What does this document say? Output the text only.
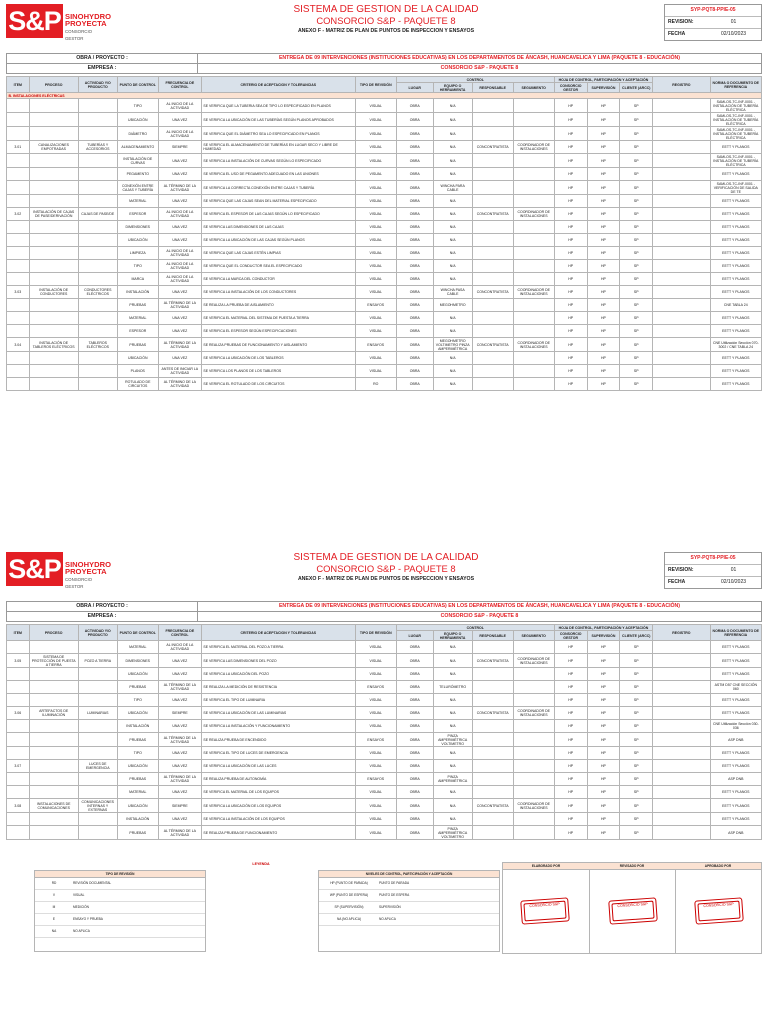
S&P SINOHYDRO
PROYECTA
CONSORCIO GESTOR
SISTEMA DE GESTION DE LA CALIDAD
CONSORCIO S&P - PAQUETE 8
ANEXO F - MATRIZ DE PLAN DE PUNTOS DE INSPECCION Y ENSAYOS
SYP-PQT8-PPIE-05
REVISION:	01
FECHA	02/10/2023
OBRA / PROYECTO :	ENTREGA DE 09 INTERVENCIONES (INSTITUCIONES EDUCATIVAS) EN LOS DEPARTAMENTOS DE ÁNCASH, HUANCAVELICA Y LIMA (PAQUETE 8 - EDUCACIÓN)
EMPRESA :	CONSORCIO S&P - PAQUETE 8
ITEM	PROCESO	ACTIVIDAD Y/O PRODUCTO	PUNTO DE CONTROL	FRECUENCIA DE CONTROL	CRITERIO DE ACEPTACION Y TOLERANCIAS	TIPO DE REVISIÓN	CONTROL				HOJA DE CONTROL, PARTICIPACIÓN Y ACEPTACIÓN			REGISTRO	NORMA O DOCUMENTO DE REFERENCIA
							LUGAR	EQUIPO O HERRAMIENTA	RESPONSABLE	SEGUIMIENTO	CONSORCIO GESTOR	SUPERVISIÓN	CLIENTE (ARCC)		
B. INSTALACIONES ELÉCTRICAS															
			TIPO	AL INICIO DE LA ACTIVIDAD	SE VERIFICA QUE LA TUBERIA SEA DE TIPO LO ESPECIFICADO EN PLANOS	VISUAL	OBRA	N/A			HP	HP	SP		SAMLOS-TC-INF-0001 - INSTALACIÓN DE TUBERÍA ELÉCTRICA
			UBICACIÓN	UNA VEZ	SE VERIFICA LA UBICACIÓN DE LAS TUBERÍAS SEGÚN PLANOS APROBADOS	VISUAL	OBRA	N/A			HP	HP	SP		SAMLOS-TC-INF-0001 - INSTALACIÓN DE TUBERÍA ELÉCTRICA
			DIÁMETRO	AL INICIO DE LA ACTIVIDAD	SE VERIFICA QUE EL DIÁMETRO SEA LO ESPECIFICADO EN PLANOS	VISUAL	OBRA	N/A			HP	HP	SP		SAMLOS-TC-INF-0001 - INSTALACIÓN DE TUBERÍA ELÉCTRICA
3.01	CANALIZACIONES EMPOTRADAS	TUBERÍAS Y ACCESORIOS	ALMACENAMIENTO	SIEMPRE	SE VERIFICA EL ALMACENAMIENTO DE TUBERÍAS EN LUGAR SECO Y LIBRE DE HUMEDAD	VISUAL	OBRA	N/A	CONCONTRATISTA	COORDINADOR DE INSTALACIONES	HP	HP	SP		EETT Y PLANOS
			INSTALACIÓN DE CURVAS	UNA VEZ	SE VERIFICA LA INSTALACIÓN DE CURVAS SEGÚN LO ESPECIFICADO	VISUAL	OBRA	N/A			HP	HP	SP		SAMLOS-TC-INF-0001 - INSTALACIÓN DE TUBERÍA ELÉCTRICA
			PEGAMENTO	UNA VEZ	SE VERIFICA EL USO DE PEGAMENTO ADECUADO EN LAS UNIONES	VISUAL	OBRA	N/A			HP	HP	SP		EETT Y PLANOS
			CONEXIÓN ENTRE CAJAS Y TUBERÍA	AL TÉRMINO DE LA ACTIVIDAD	SE VERIFICA LA CORRECTA CONEXIÓN ENTRE CAJAS Y TUBERÍA	VISUAL	OBRA	WINCHA PARA CABLE			HP	HP	SP		SAMLOS-TC-INF-0001 - VERIFICACIÓN DE SALIDA DE TE
			MATERIAL	UNA VEZ	SE VERIFICA QUE LAS CAJAS SEAN DEL MATERIAL ESPECIFICADO	VISUAL	OBRA	N/A			HP	HP	SP		EETT Y PLANOS
3.02	INSTALACIÓN DE CAJAS DE PASE/DERIVACIÓN	CAJAS DE PASE/DE	ESPESOR	AL INICIO DE LA ACTIVIDAD	SE VERIFICA EL ESPESOR DE LAS CAJAS SEGÚN LO ESPECIFICADO	VISUAL	OBRA	N/A	CONCONTRATISTA	COORDINADOR DE INSTALACIONES	HP	HP	SP		EETT Y PLANOS
			DIMENSIONES	UNA VEZ	SE VERIFICA LAS DIMENSIONES DE LAS CAJAS	VISUAL	OBRA	N/A			HP	HP	SP		EETT Y PLANOS
			UBICACIÓN	UNA VEZ	SE VERIFICA LA UBICACIÓN DE LAS CAJAS SEGÚN PLANOS	VISUAL	OBRA	N/A			HP	HP	SP		EETT Y PLANOS
			LIMPIEZA	AL INICIO DE LA ACTIVIDAD	SE VERIFICA QUE LAS CAJAS ESTÉN LIMPIAS	VISUAL	OBRA	N/A			HP	HP	SP		EETT Y PLANOS
			TIPO	AL INICIO DE LA ACTIVIDAD	SE VERIFICA QUE EL CONDUCTOR SEA EL ESPECIFICADO	VISUAL	OBRA	N/A			HP	HP	SP		EETT Y PLANOS
			MARCA	AL INICIO DE LA ACTIVIDAD	SE VERIFICA LA MARCA DEL CONDUCTOR	VISUAL	OBRA	N/A			HP	HP	SP		EETT Y PLANOS
3.03	INSTALACIÓN DE CONDUCTORES	CONDUCTORES ELÉCTRICOS	INSTALACIÓN	UNA VEZ	SE VERIFICA LA INSTALACIÓN DE LOS CONDUCTORES	VISUAL	OBRA	WINCHA PASA CABLE	CONCONTRATISTA	COORDINADOR DE INSTALACIONES	HP	HP	SP		EETT Y PLANOS
			PRUEBAS	AL TÉRMINO DE LA ACTIVIDAD	SE REALIZA LA PRUEBA DE AISLAMIENTO	ENSAYOS	OBRA	MEGOHMETRO			HP	HP	SP		CNE TABLA 24
			MATERIAL	UNA VEZ	SE VERIFICA EL MATERIAL DEL SISTEMA DE PUESTA A TIERRA	VISUAL	OBRA	N/A			HP	HP	SP		EETT Y PLANOS
			ESPESOR	UNA VEZ	SE VERIFICA EL ESPESOR SEGÚN ESPECIFICACIONES	VISUAL	OBRA	N/A			HP	HP	SP		EETT Y PLANOS
3.04	INSTALACIÓN DE TABLEROS ELÉCTRICOS	TABLEROS ELÉCTRICOS	PRUEBAS	AL TÉRMINO DE LA ACTIVIDAD	SE REALIZA PRUEBAS DE FUNCIONAMIENTO Y AISLAMIENTO	ENSAYOS	OBRA	MEGOHMETRO VOLTIMETRO PINZA AMPERIMÉTRICA	CONCONTRATISTA	COORDINADOR DE INSTALACIONES	HP	HP	SP		CNE Utilización Sección 070-3002 / CNE TABLA 24
			UBICACIÓN	UNA VEZ	SE VERIFICA LA UBICACIÓN DE LOS TABLEROS	VISUAL	OBRA	N/A			HP	HP	SP		EETT Y PLANOS
			PLANOS	ANTES DE INICIAR LA ACTIVIDAD	SE VERIFICA LOS PLANOS DE LOS TABLEROS	VISUAL	OBRA	N/A			HP	HP	SP		EETT Y PLANOS
			ROTULADO DE CIRCUITOS	AL TÉRMINO DE LA ACTIVIDAD	SE VERIFICA EL ROTULADO DE LOS CIRCUITOS	RO	OBRA	N/A			HP	HP	SP		EETT Y PLANOS
S&P SINOHYDRO
PROYECTA
CONSORCIO GESTOR
SISTEMA DE GESTION DE LA CALIDAD
CONSORCIO S&P - PAQUETE 8
ANEXO F - MATRIZ DE PLAN DE PUNTOS DE INSPECCION Y ENSAYOS
SYP-PQT8-PPIE-05
REVISION:	01
FECHA	02/10/2023
OBRA / PROYECTO :	ENTREGA DE 09 INTERVENCIONES (INSTITUCIONES EDUCATIVAS) EN LOS DEPARTAMENTOS DE ÁNCASH, HUANCAVELICA Y LIMA (PAQUETE 8 - EDUCACIÓN)
EMPRESA :	CONSORCIO S&P - PAQUETE 8
ITEM	PROCESO	ACTIVIDAD Y/O PRODUCTO	PUNTO DE CONTROL	FRECUENCIA DE CONTROL	CRITERIO DE ACEPTACION Y TOLERANCIAS	TIPO DE REVISIÓN	CONTROL				HOJA DE CONTROL, PARTICIPACIÓN Y ACEPTACIÓN			REGISTRO	NORMA O DOCUMENTO DE REFERENCIA
							LUGAR	EQUIPO O HERRAMIENTA	RESPONSABLE	SEGUIMIENTO	CONSORCIO GESTOR	SUPERVISIÓN	CLIENTE (ARCC)		
			MATERIAL	AL INICIO DE LA ACTIVIDAD	SE VERIFICA EL MATERIAL DEL POZO A TIERRA	VISUAL	OBRA	N/A			HP	HP	SP		EETT Y PLANOS
3.05	SISTEMA DE PROTECCIÓN DE PUESTA A TIERRA	POZO A TIERRA	DIMENSIONES	UNA VEZ	SE VERIFICA LAS DIMENSIONES DEL POZO	VISUAL	OBRA	N/A	CONCONTRATISTA	COORDINADOR DE INSTALACIONES	HP	HP	SP		EETT Y PLANOS
			UBICACIÓN	UNA VEZ	SE VERIFICA LA UBICACIÓN DEL POZO	VISUAL	OBRA	N/A			HP	HP	SP		EETT Y PLANOS
			PRUEBAS	AL TÉRMINO DE LA ACTIVIDAD	SE REALIZA LA MEDICIÓN DE RESISTENCIA	ENSAYOS	OBRA	TELURÓMETRO			HP	HP	SP		ASTM D57 CNE SECCIÓN 060
			TIPO	UNA VEZ	SE VERIFICA EL TIPO DE LUMINARIA	VISUAL	OBRA	N/A			HP	HP	SP		EETT Y PLANOS
3.06	ARTEFACTOS DE ILUMINACIÓN	LUMINARIAS	UBICACIÓN	SIEMPRE	SE VERIFICA LA UBICACIÓN DE LAS LUMINARIAS	VISUAL	OBRA	N/A	CONCONTRATISTA	COORDINADOR DE INSTALACIONES	HP	HP	SP		EETT Y PLANOS
			INSTALACIÓN	UNA VEZ	SE VERIFICA LA INSTALACIÓN Y FUNCIONAMIENTO	VISUAL	OBRA	N/A			HP	HP	SP		CNE Utilización Sección 030-036
			PRUEBAS	AL TÉRMINO DE LA ACTIVIDAD	SE REALIZA PRUEBA DE ENCENDIDO	ENSAYOS	OBRA	PINZA AMPERIMÉTRICA VOLTIMETRO			HP	HP	SP		ASP DNB
			TIPO	UNA VEZ	SE VERIFICA EL TIPO DE LUCES DE EMERGENCIA	VISUAL	OBRA	N/A			HP	HP	SP		EETT Y PLANOS
3.07		LUCES DE EMERGENCIA	UBICACIÓN	UNA VEZ	SE VERIFICA LA UBICACIÓN DE LAS LUCES	VISUAL	OBRA	N/A			HP	HP	SP		EETT Y PLANOS
			PRUEBAS	AL TÉRMINO DE LA ACTIVIDAD	SE REALIZA PRUEBA DE AUTONOMÍA	ENSAYOS	OBRA	PINZA AMPERIMÉTRICA			HP	HP	SP		ASP DNB
			MATERIAL	UNA VEZ	SE VERIFICA EL MATERIAL DE LOS EQUIPOS	VISUAL	OBRA	N/A			HP	HP	SP		EETT Y PLANOS
3.08	INSTALACIONES DE COMUNICACIONES	COMUNICACIONES INTERNAS Y EXTERNAS	UBICACIÓN	SIEMPRE	SE VERIFICA LA UBICACIÓN DE LOS EQUIPOS	VISUAL	OBRA	N/A	CONCONTRATISTA	COORDINADOR DE INSTALACIONES	HP	HP	SP		EETT Y PLANOS
			INSTALACIÓN	UNA VEZ	SE VERIFICA LA INSTALACIÓN DE LOS EQUIPOS	VISUAL	OBRA	N/A			HP	HP	SP		EETT Y PLANOS
			PRUEBAS	AL TÉRMINO DE LA ACTIVIDAD	SE REALIZA PRUEBA DE FUNCIONAMIENTO	VISUAL	OBRA	PINZA AMPERIMÉTRICA VOLTIMETRO			HP	HP	SP		ASP DNB
TIPO DE REVISIÓN
RD	REVISIÓN DOCUMENTAL
V	VISUAL
M	MEDICIÓN
E	ENSAYO Y PRUEBA
NA	NO APLICA
NIVELES DE CONTROL, PARTICIPACIÓN Y ACEPTACIÓN
HP (PUNTO DE PARADA)	PUNTO DE PARADA
WP (PUNTO DE ESPERA)	PUNTO DE ESPERA
SP (SUPERVISIÓN)	SUPERVISIÓN
NA (NO APLICA)	NO APLICA
LEYENDA	ELABORADO POR	REVISADO POR	APROBADO POR
CONSORCIO S&P	CONSORCIO S&P	CONSORCIO S&P
